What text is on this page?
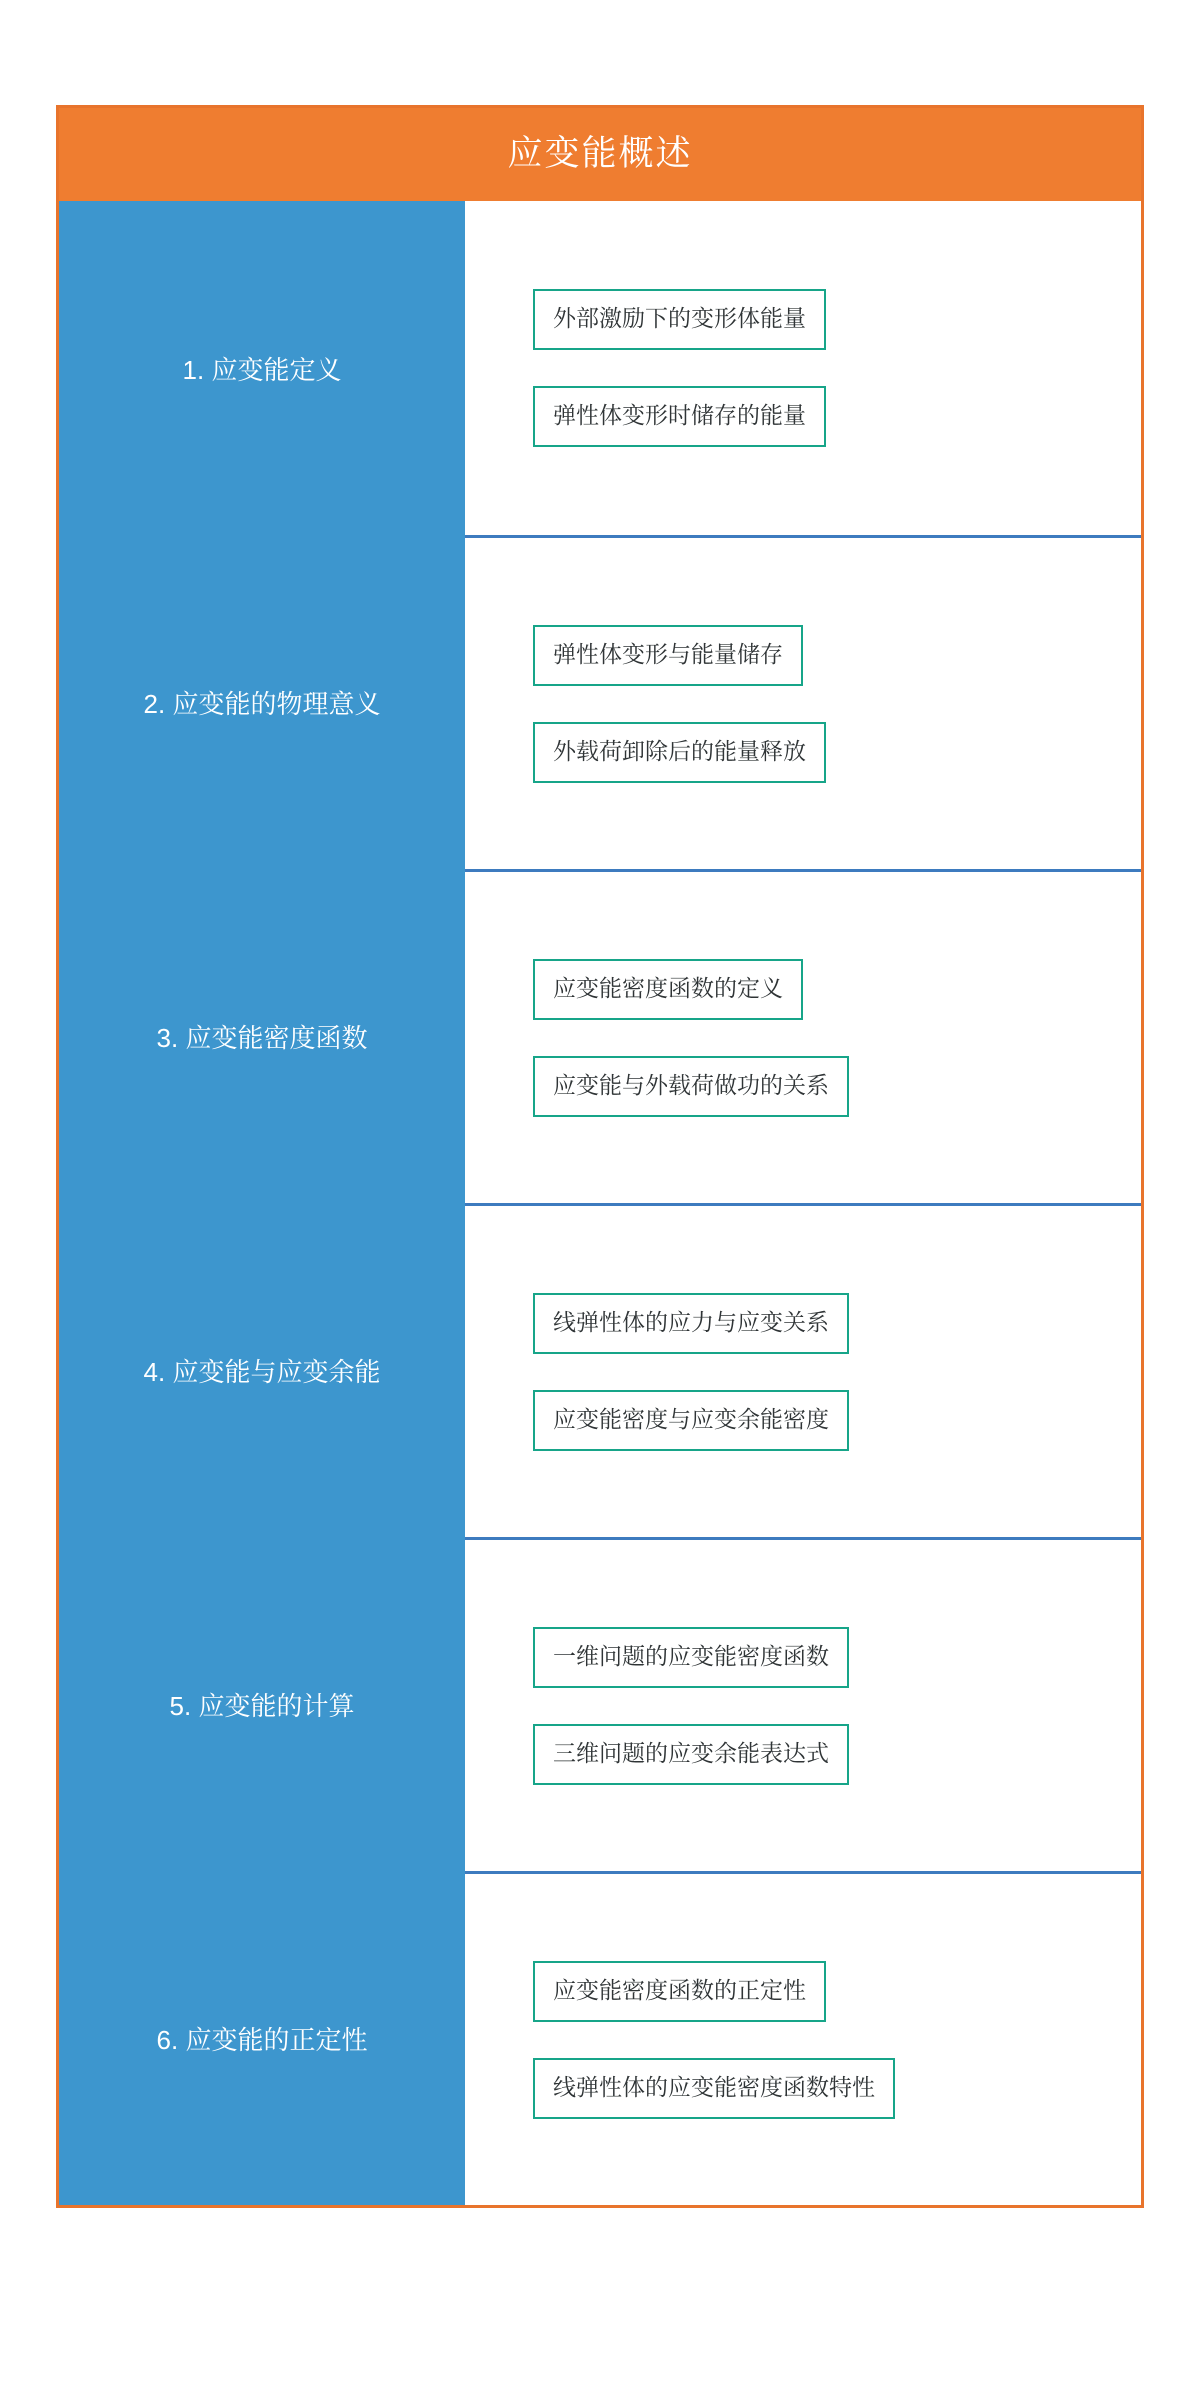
应变能概述
1. 应变能定义
外部激励下的变形体能量
弹性体变形时储存的能量
2. 应变能的物理意义
弹性体变形与能量储存
外载荷卸除后的能量释放
3. 应变能密度函数
应变能密度函数的定义
应变能与外载荷做功的关系
4. 应变能与应变余能
线弹性体的应力与应变关系
应变能密度与应变余能密度
5. 应变能的计算
一维问题的应变能密度函数
三维问题的应变余能表达式
6. 应变能的正定性
应变能密度函数的正定性
线弹性体的应变能密度函数特性
